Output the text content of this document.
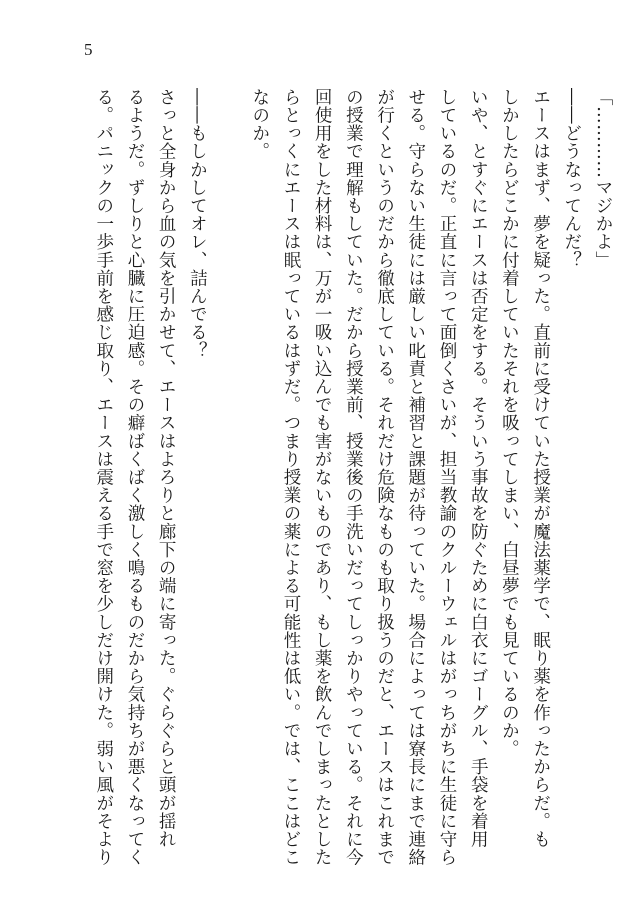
5

「…………マジかよ」

――どうなってんだ？

エースはまず、夢を疑った。直前に受けていた授業が魔法薬学で、眠り薬を作ったからだ。も

しかしたらどこかに付着していたそれを吸ってしまい、白昼夢でも見ているのか。

いや、とすぐにエースは否定をする。そういう事故を防ぐために白衣にゴーグル、手袋を着用

しているのだ。正直に言って面倒くさいが、担当教諭のクルーウェルはがっちがちに生徒に守ら

せる。守らない生徒には厳しい叱責と補習と課題が待っていた。場合によっては寮長にまで連絡

が行くというのだから徹底している。それだけ危険なものも取り扱うのだと、エースはこれまで

の授業で理解もしていた。だから授業前、授業後の手洗いだってしっかりやっている。それに今

回使用をした材料は、万が一吸い込んでも害がないものであり、もし薬を飲んでしまったとした

らとっくにエースは眠っているはずだ。つまり授業の薬による可能性は低い。では、ここはどこ

なのか。

――もしかしてオレ、詰んでる？

さっと全身から血の気を引かせて、エースはよろりと廊下の端に寄った。ぐらぐらと頭が揺れ

るようだ。ずしりと心臓に圧迫感。その癖ばくばく激しく鳴るものだから気持ちが悪くなってく

る。パニックの一歩手前を感じ取り、エースは震える手で窓を少しだけ開けた。弱い風がそより
